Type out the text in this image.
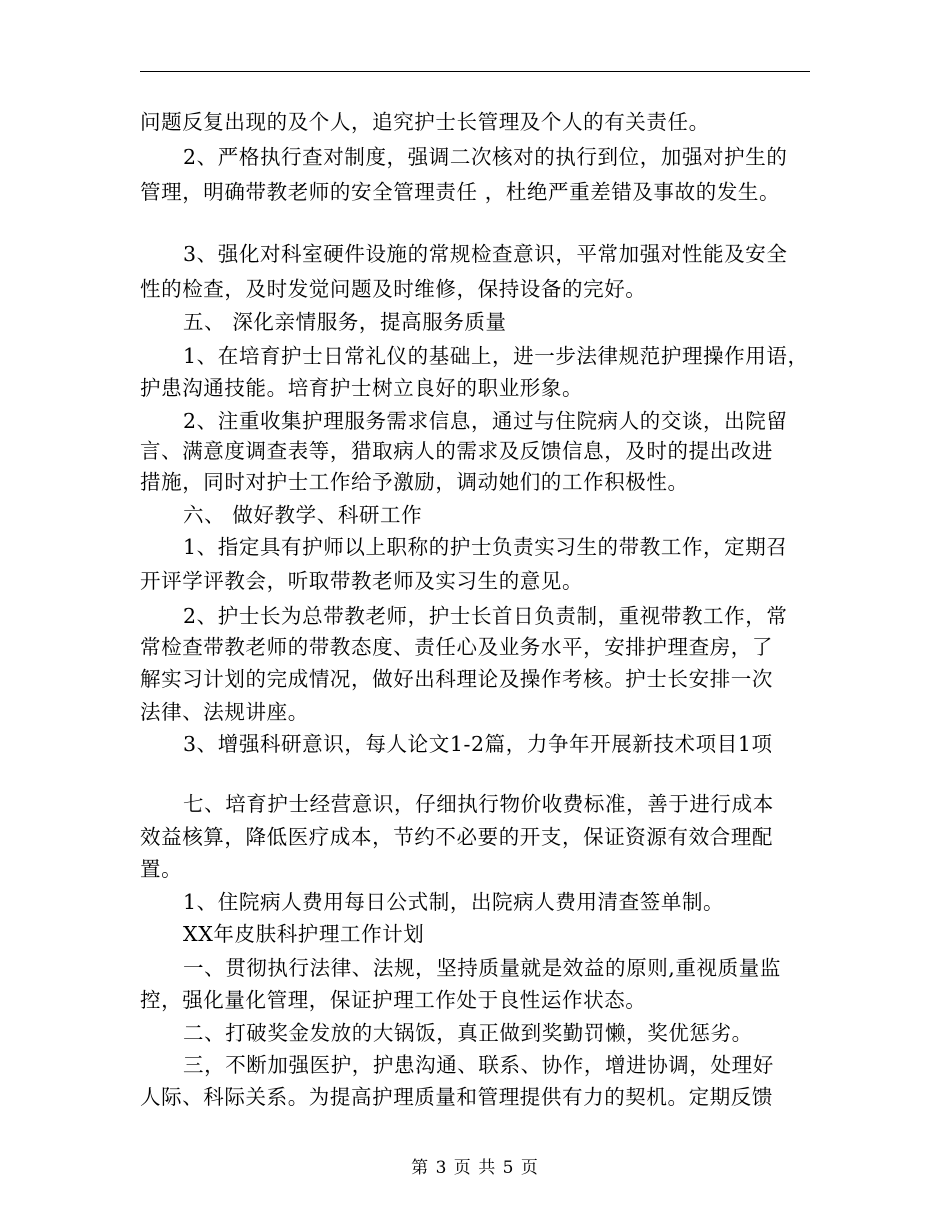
问题反复出现的及个人，追究护士长管理及个人的有关责任。
2、严格执行查对制度，强调二次核对的执行到位，加强对护生的
管理，明确带教老师的安全管理责任 ，杜绝严重差错及事故的发生。
3、强化对科室硬件设施的常规检查意识，平常加强对性能及安全
性的检查，及时发觉问题及时维修，保持设备的完好。
五、 深化亲情服务，提高服务质量
1、在培育护士日常礼仪的基础上，进一步法律规范护理操作用语，
护患沟通技能。培育护士树立良好的职业形象。
2、注重收集护理服务需求信息，通过与住院病人的交谈，出院留
言、满意度调查表等，猎取病人的需求及反馈信息，及时的提出改进
措施，同时对护士工作给予激励，调动她们的工作积极性。
六、 做好教学、科研工作
1、指定具有护师以上职称的护士负责实习生的带教工作，定期召
开评学评教会，听取带教老师及实习生的意见。
2、护士长为总带教老师，护士长首日负责制，重视带教工作，常
常检查带教老师的带教态度、责任心及业务水平，安排护理查房，了
解实习计划的完成情况，做好出科理论及操作考核。护士长安排一次
法律、法规讲座。
3、增强科研意识，每人论文1-2篇，力争年开展新技术项目1项
七、培育护士经营意识，仔细执行物价收费标准，善于进行成本
效益核算，降低医疗成本，节约不必要的开支，保证资源有效合理配
置。
1、住院病人费用每日公式制，出院病人费用清查签单制。
XX年皮肤科护理工作计划
一、贯彻执行法律、法规，坚持质量就是效益的原则,重视质量监
控，强化量化管理，保证护理工作处于良性运作状态。
二、打破奖金发放的大锅饭，真正做到奖勤罚懒，奖优惩劣。
三，不断加强医护，护患沟通、联系、协作，增进协调，处理好
人际、科际关系。为提高护理质量和管理提供有力的契机。定期反馈
第 3 页 共 5 页
